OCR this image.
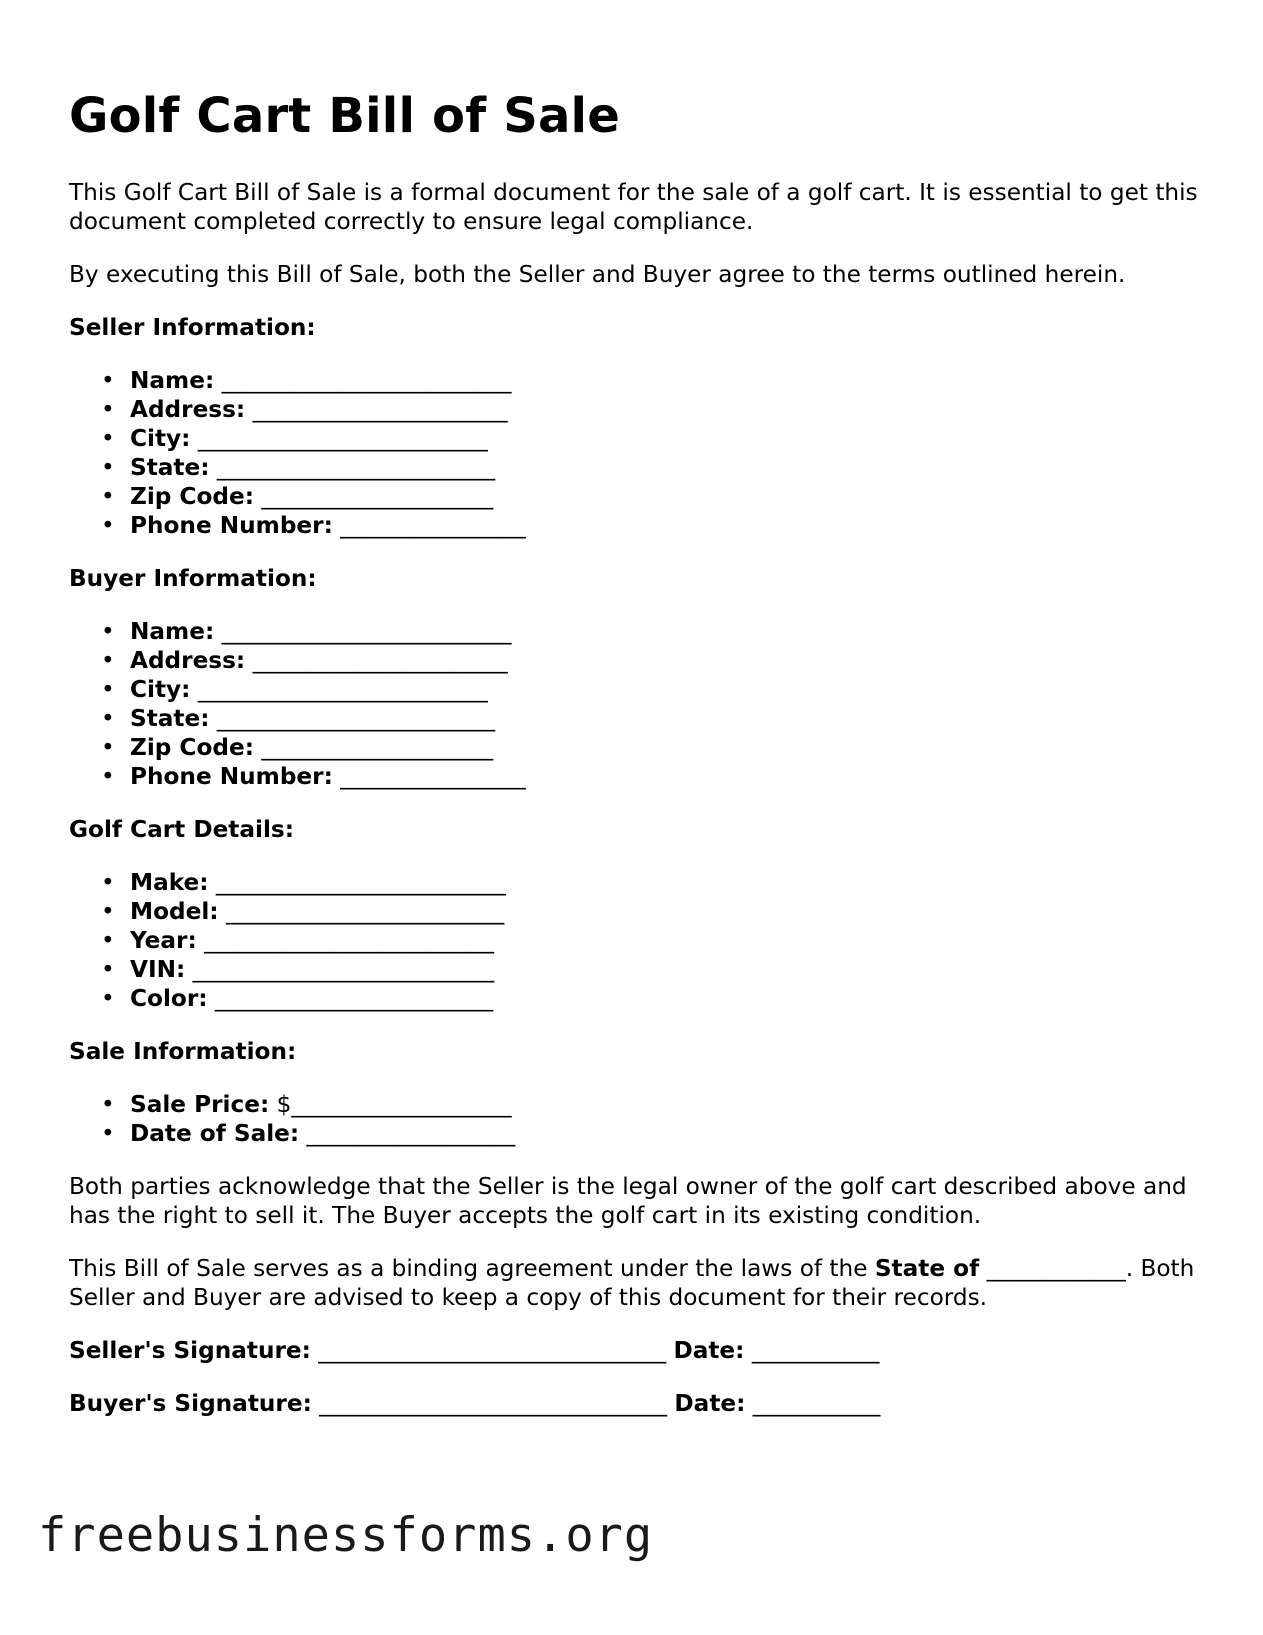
Golf Cart Bill of Sale

This Golf Cart Bill of Sale is a formal document for the sale of a golf cart. It is essential to get this document completed correctly to ensure legal compliance.

By executing this Bill of Sale, both the Seller and Buyer agree to the terms outlined herein.

Seller Information:
• Name: _________________________
• Address: ______________________
• City: _________________________
• State: ________________________
• Zip Code: ____________________
• Phone Number: ________________
Buyer Information:
• Name: _________________________
• Address: ______________________
• City: _________________________
• State: ________________________
• Zip Code: ____________________
• Phone Number: ________________
Golf Cart Details:
• Make: _________________________
• Model: ________________________
• Year: _________________________
• VIN: __________________________
• Color: ________________________
Sale Information:
• Sale Price: $___________________
• Date of Sale: __________________

Both parties acknowledge that the Seller is the legal owner of the golf cart described above and has the right to sell it. The Buyer accepts the golf cart in its existing condition.

This Bill of Sale serves as a binding agreement under the laws of the State of ____________. Both Seller and Buyer are advised to keep a copy of this document for their records.

Seller's Signature: ______________________________ Date: ___________
Buyer's Signature: ______________________________ Date: ___________
freebusinessforms.org
